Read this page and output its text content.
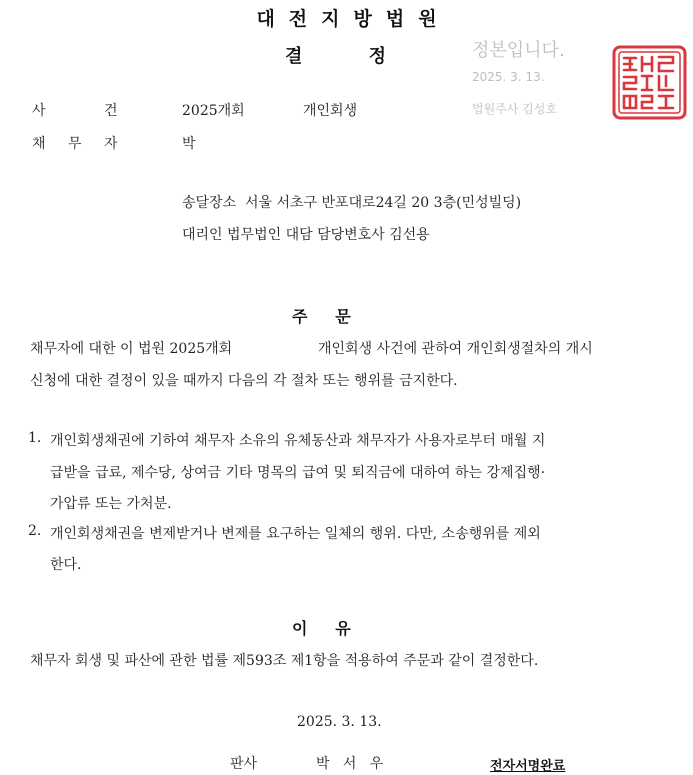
대전지방법원
결 정	정본입니다.
2025. 3. 13.
법원주사 김성호
사	건	2025개회	개인회생
채 무 자	박
송달장소  서울 서초구 반포대로24길 20 3층(민성빌딩)
대리인 법무법인 대담 담당변호사 김선용
주     문
채무자에 대한 이 법원 2025개회	개인회생 사건에 관하여 개인회생절차의 개시
신청에 대한 결정이 있을 때까지 다음의 각 절차 또는 행위를 금지한다.
1. 개인회생채권에 기하여 채무자 소유의 유체동산과 채무자가 사용자로부터 매월 지
급받을 급료, 제수당, 상여금 기타 명목의 급여 및 퇴직금에 대하여 하는 강제집행·
가압류 또는 가처분.
2. 개인회생채권을 변제받거나 변제를 요구하는 일체의 행위. 다만, 소송행위를 제외
한다.
이     유
채무자 회생 및 파산에 관한 법률 제593조 제1항을 적용하여 주문과 같이 결정한다.
2025. 3. 13.
판사	박   서   우	전자서명완료
